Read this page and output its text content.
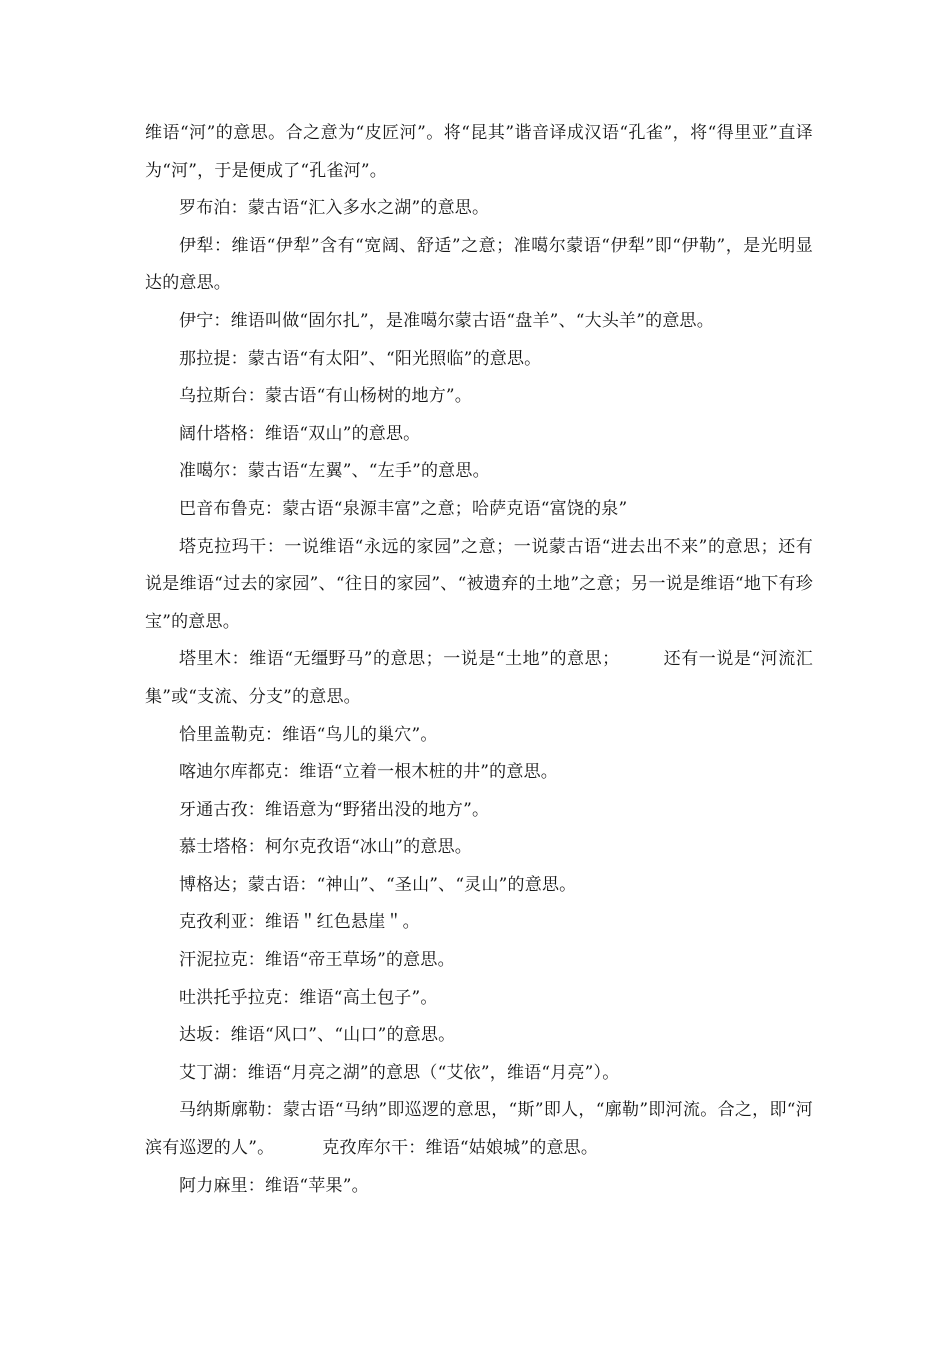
维语“河”的意思。合之意为“皮匠河”。将“昆其”谐音译成汉语“孔雀”，将“得里亚”直译为“河”，于是便成了“孔雀河”。

罗布泊：蒙古语“汇入多水之湖”的意思。

伊犁：维语“伊犁”含有“宽阔、舒适”之意；准噶尔蒙语“伊犁”即“伊勒”，是光明显达的意思。

伊宁：维语叫做“固尔扎”，是准噶尔蒙古语“盘羊”、“大头羊”的意思。

那拉提：蒙古语“有太阳”、“阳光照临”的意思。

乌拉斯台：蒙古语“有山杨树的地方”。

阔什塔格：维语“双山”的意思。

准噶尔：蒙古语“左翼”、“左手”的意思。

巴音布鲁克：蒙古语“泉源丰富”之意；哈萨克语“富饶的泉”

塔克拉玛干：一说维语“永远的家园”之意；一说蒙古语“进去出不来”的意思；还有说是维语“过去的家园”、“往日的家园”、“被遗弃的土地”之意；另一说是维语“地下有珍宝”的意思。

塔里木：维语“无缰野马”的意思；一说是“土地”的意思；	还有一说是“河流汇集”或“支流、分支”的意思。

恰里盖勒克：维语“鸟儿的巢穴”。

喀迪尔库都克：维语“立着一根木桩的井”的意思。

牙通古孜：维语意为“野猪出没的地方”。

慕士塔格：柯尔克孜语“冰山”的意思。

博格达；蒙古语：“神山”、“圣山”、“灵山”的意思。

克孜利亚：维语＂红色悬崖＂。

汗泥拉克：维语“帝王草场”的意思。

吐洪托乎拉克：维语“高土包子”。

达坂：维语“风口”、“山口”的意思。

艾丁湖：维语“月亮之湖”的意思（“艾依”，维语“月亮”）。

马纳斯廓勒：蒙古语“马纳”即巡逻的意思，“斯”即人，“廓勒”即河流。合之，即“河滨有巡逻的人”。	克孜库尔干：维语“姑娘城”的意思。

阿力麻里：维语“苹果”。
